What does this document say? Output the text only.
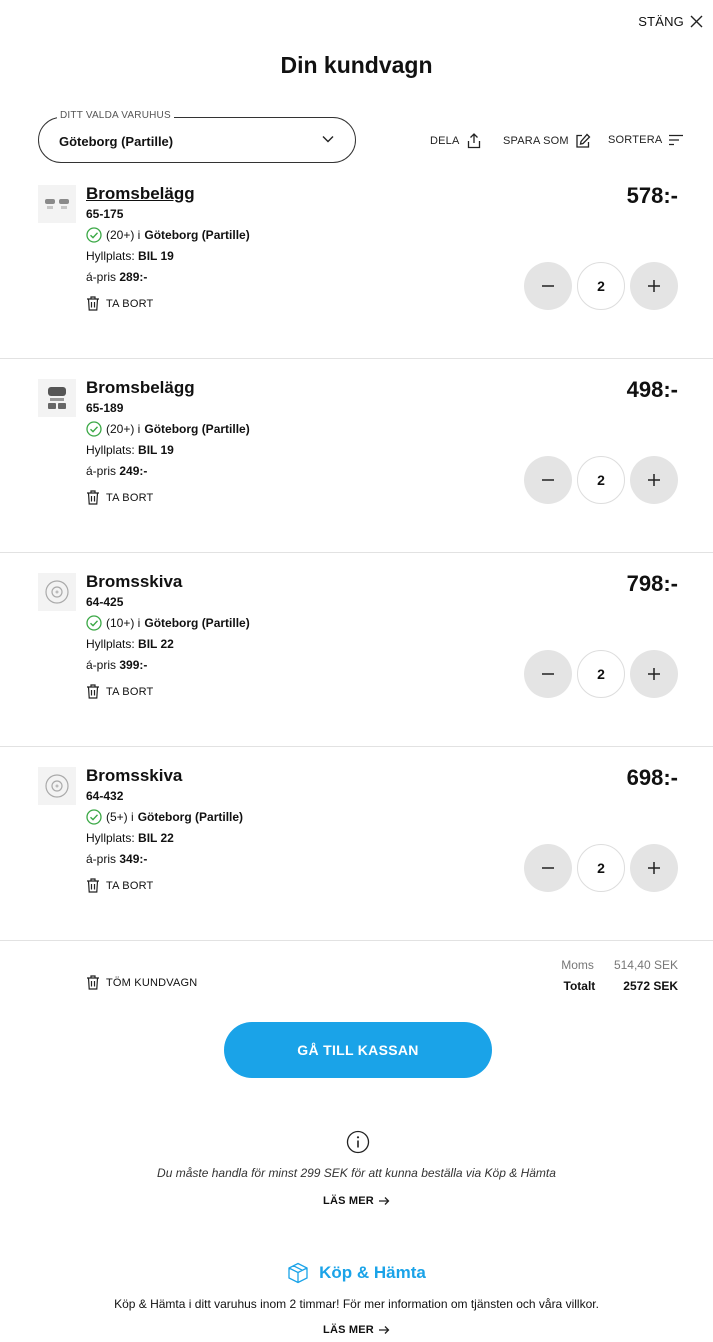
STÄNG
Din kundvagn
DITT VALDA VARUHUS
Göteborg (Partille)	DELA	SPARA SOM	SORTERA
Bromsbelägg
65-175
(20+) i Göteborg (Partille)
Hyllplats: BIL 19
á-pris 289:-
TA BORT
578:-
2
Bromsbelägg
65-189
(20+) i Göteborg (Partille)
Hyllplats: BIL 19
á-pris 249:-
TA BORT
498:-
2
Bromsskiva
64-425
(10+) i Göteborg (Partille)
Hyllplats: BIL 22
á-pris 399:-
TA BORT
798:-
2
Bromsskiva
64-432
(5+) i Göteborg (Partille)
Hyllplats: BIL 22
á-pris 349:-
TA BORT
698:-
2
TÖM KUNDVAGN
Moms 514,40 SEK
Totalt 2572 SEK
GÅ TILL KASSAN
Du måste handla för minst 299 SEK för att kunna beställa via Köp & Hämta
LÄS MER
Köp & Hämta
Köp & Hämta i ditt varuhus inom 2 timmar! För mer information om tjänsten och våra villkor.
LÄS MER
